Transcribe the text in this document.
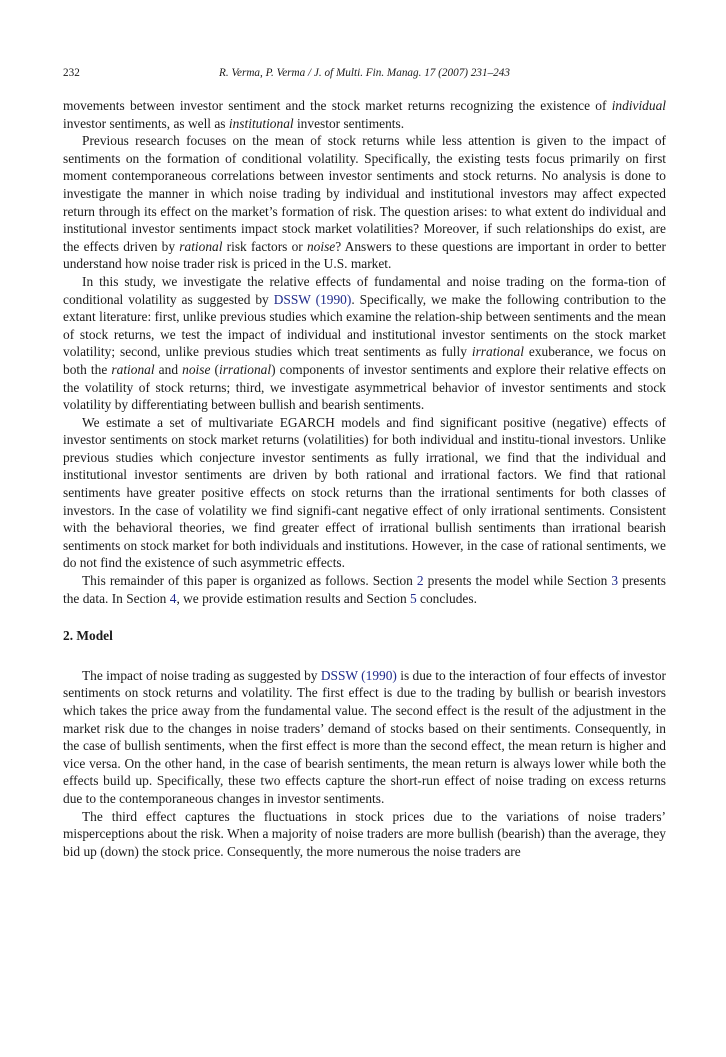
232	R. Verma, P. Verma / J. of Multi. Fin. Manag. 17 (2007) 231–243

movements between investor sentiment and the stock market returns recognizing the existence of individual investor sentiments, as well as institutional investor sentiments.

Previous research focuses on the mean of stock returns while less attention is given to the impact of sentiments on the formation of conditional volatility. Specifically, the existing tests focus primarily on first moment contemporaneous correlations between investor sentiments and stock returns. No analysis is done to investigate the manner in which noise trading by individual and institutional investors may affect expected return through its effect on the market’s formation of risk. The question arises: to what extent do individual and institutional investor sentiments impact stock market volatilities? Moreover, if such relationships do exist, are the effects driven by rational risk factors or noise? Answers to these questions are important in order to better understand how noise trader risk is priced in the U.S. market.

In this study, we investigate the relative effects of fundamental and noise trading on the forma-tion of conditional volatility as suggested by DSSW (1990). Specifically, we make the following contribution to the extant literature: first, unlike previous studies which examine the relation-ship between sentiments and the mean of stock returns, we test the impact of individual and institutional investor sentiments on the stock market volatility; second, unlike previous studies which treat sentiments as fully irrational exuberance, we focus on both the rational and noise (irrational) components of investor sentiments and explore their relative effects on the volatility of stock returns; third, we investigate asymmetrical behavior of investor sentiments and stock volatility by differentiating between bullish and bearish sentiments.

We estimate a set of multivariate EGARCH models and find significant positive (negative) effects of investor sentiments on stock market returns (volatilities) for both individual and institu-tional investors. Unlike previous studies which conjecture investor sentiments as fully irrational, we find that the individual and institutional investor sentiments are driven by both rational and irrational factors. We find that rational sentiments have greater positive effects on stock returns than the irrational sentiments for both classes of investors. In the case of volatility we find signifi-cant negative effect of only irrational sentiments. Consistent with the behavioral theories, we find greater effect of irrational bullish sentiments than irrational bearish sentiments on stock market for both individuals and institutions. However, in the case of rational sentiments, we do not find the existence of such asymmetric effects.

This remainder of this paper is organized as follows. Section 2 presents the model while Section 3 presents the data. In Section 4, we provide estimation results and Section 5 concludes.

2. Model

The impact of noise trading as suggested by DSSW (1990) is due to the interaction of four effects of investor sentiments on stock returns and volatility. The first effect is due to the trading by bullish or bearish investors which takes the price away from the fundamental value. The second effect is the result of the adjustment in the market risk due to the changes in noise traders’ demand of stocks based on their sentiments. Consequently, in the case of bullish sentiments, when the first effect is more than the second effect, the mean return is higher and vice versa. On the other hand, in the case of bearish sentiments, the mean return is always lower while both the effects build up. Specifically, these two effects capture the short-run effect of noise trading on excess returns due to the contemporaneous changes in investor sentiments.

The third effect captures the fluctuations in stock prices due to the variations of noise traders’ misperceptions about the risk. When a majority of noise traders are more bullish (bearish) than the average, they bid up (down) the stock price. Consequently, the more numerous the noise traders are
